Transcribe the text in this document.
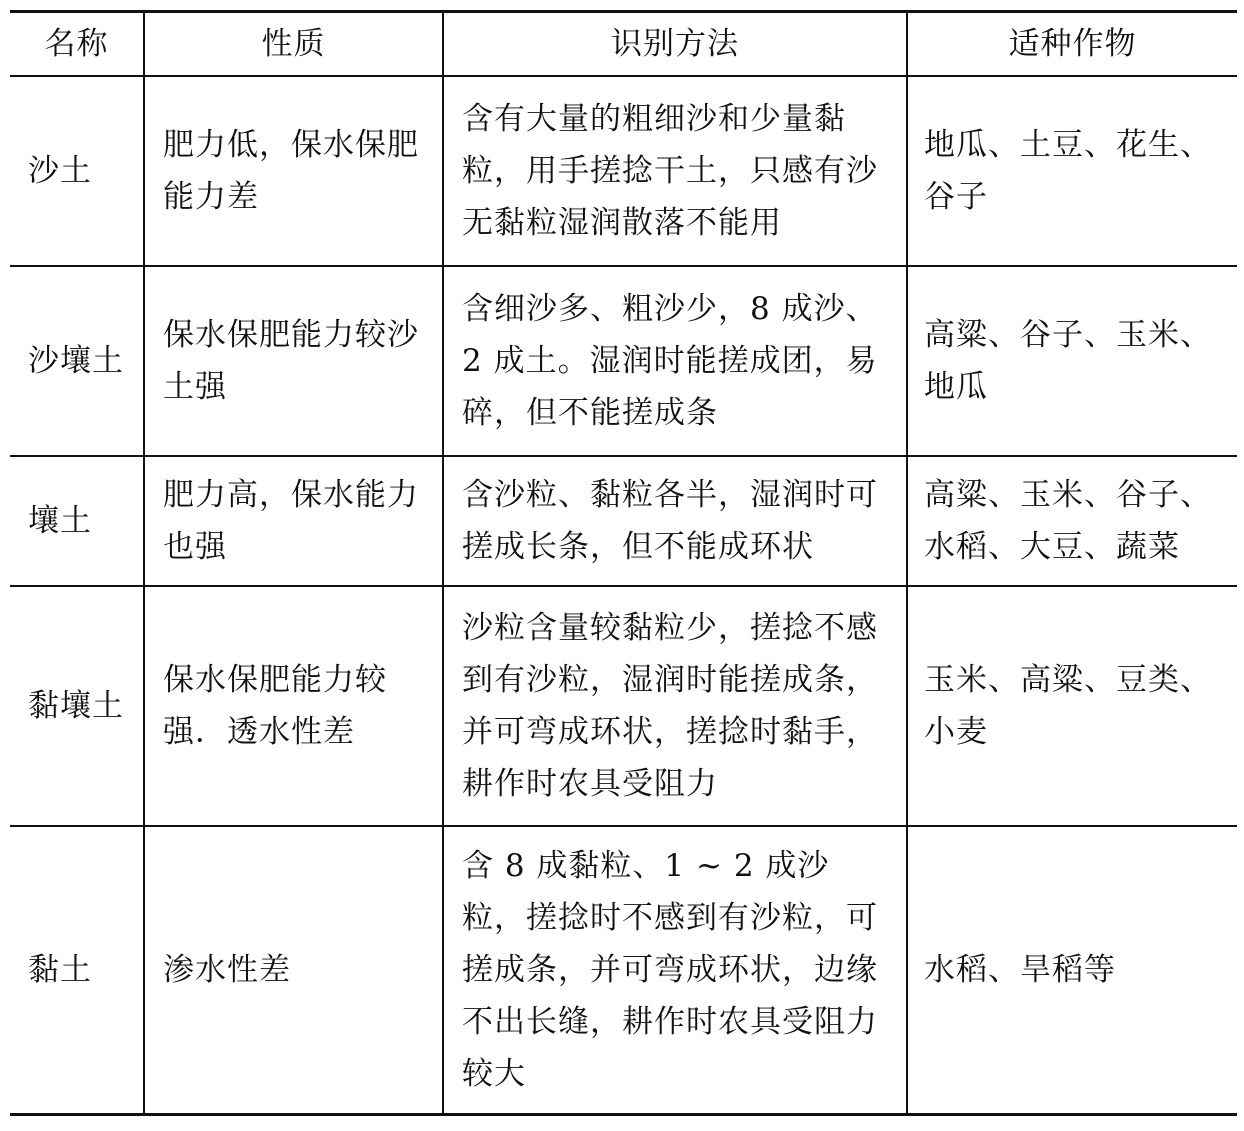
名称	性质	识别方法	适种作物
沙土	肥力低，保水保肥能力差	含有大量的粗细沙和少量黏粒，用手搓捻干土，只感有沙无黏粒湿润散落不能用	地瓜、土豆、花生、谷子
沙壤土	保水保肥能力较沙土强	含细沙多、粗沙少，8 成沙、2 成土。湿润时能搓成团，易碎，但不能搓成条	高粱、谷子、玉米、地瓜
壤土	肥力高，保水能力也强	含沙粒、黏粒各半，湿润时可搓成长条，但不能成环状	高粱、玉米、谷子、水稻、大豆、蔬菜
黏壤土	保水保肥能力较强．透水性差	沙粒含量较黏粒少，搓捻不感到有沙粒，湿润时能搓成条，并可弯成环状，搓捻时黏手，耕作时农具受阻力	玉米、高粱、豆类、小麦
黏土	渗水性差	含 8 成黏粒、1 ~ 2 成沙粒，搓捻时不感到有沙粒，可搓成条，并可弯成环状，边缘不出长缝，耕作时农具受阻力较大	水稻、旱稻等
